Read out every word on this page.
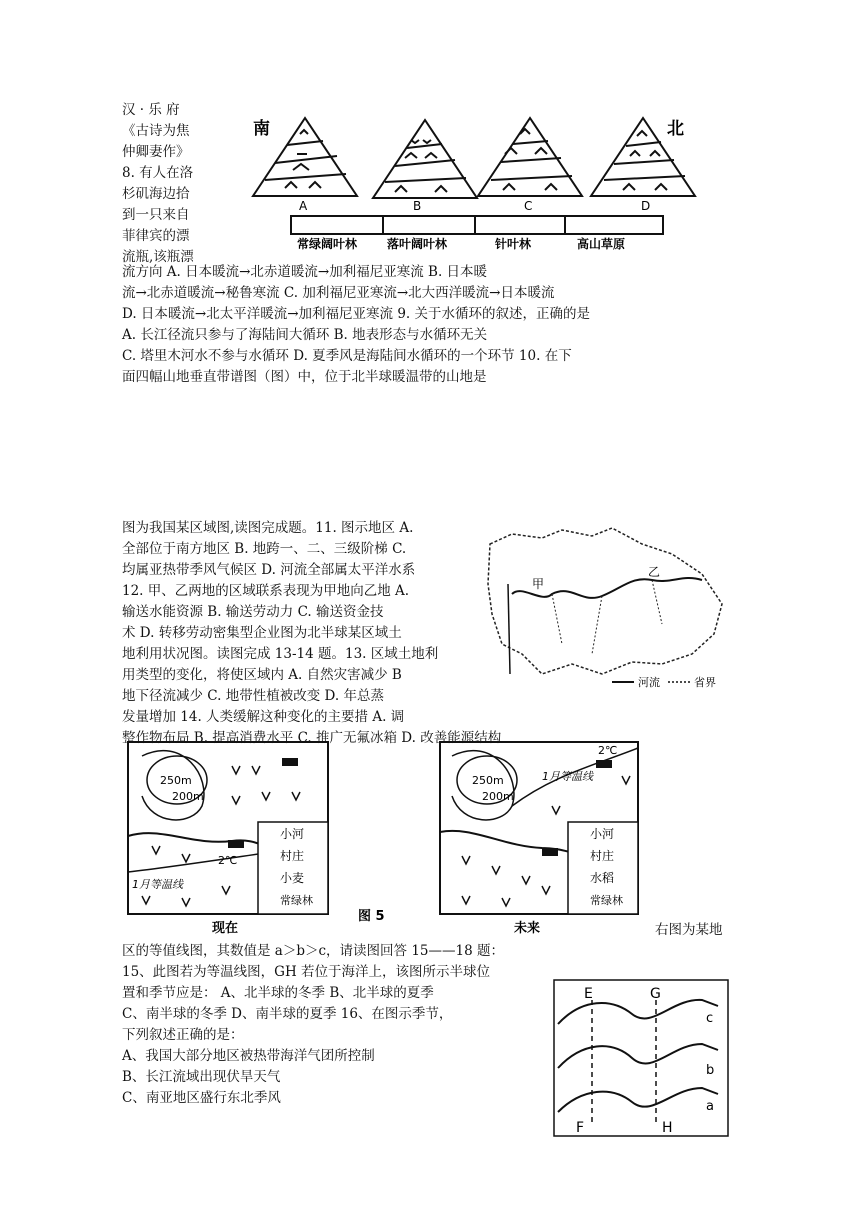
汉 · 乐 府
《古诗为焦
仲卿妻作》
8. 有人在洛
杉矶海边拾
到一只来自
菲律宾的漂
流瓶,该瓶漂
南	北
A	B	C	D
常绿阔叶林 落叶阔叶林	针叶林	高山草原
流方向 A. 日本暖流→北赤道暖流→加利福尼亚寒流 B. 日本暖
流→北赤道暖流→秘鲁寒流 C. 加利福尼亚寒流→北大西洋暖流→日本暖流
D. 日本暖流→北太平洋暖流→加利福尼亚寒流 9. 关于水循环的叙述，正确的是
A. 长江径流只参与了海陆间大循环 B. 地表形态与水循环无关
C. 塔里木河水不参与水循环 D. 夏季风是海陆间水循环的一个环节 10. 在下
面四幅山地垂直带谱图（图）中，位于北半球暖温带的山地是
甲
乙
河流	省界
图为我国某区域图,读图完成题。11. 图示地区 A.
全部位于南方地区 B. 地跨一、二、三级阶梯 C.
均属亚热带季风气候区 D. 河流全部属太平洋水系
12. 甲、乙两地的区域联系表现为甲地向乙地 A.
输送水能资源 B. 输送劳动力 C. 输送资金技
术 D. 转移劳动密集型企业图为北半球某区域土
地利用状况图。读图完成 13-14 题。13. 区域土地利
用类型的变化，将使区域内 A. 自然灾害减少 B
地下径流减少 C. 地带性植被改变 D. 年总蒸
发量增加 14. 人类缓解这种变化的主要措 A. 调
整作物布局 B. 提高消费水平 C. 推广无氟冰箱 D. 改善能源结构
250m
200m
2℃
1月等温线
小河
村庄
小麦
常绿林
现在
图 5
250m
200m
2℃
1月等温线
小河
村庄
水稻
常绿林
未来	右图为某地
区的等值线图，其数值是 a＞b＞c，请读图回答 15——18 题：
15、此图若为等温线图，GH 若位于海洋上，该图所示半球位
置和季节应是： A、北半球的冬季 B、北半球的夏季
C、南半球的冬季 D、南半球的夏季 16、在图示季节，
下列叙述正确的是：
A、我国大部分地区被热带海洋气团所控制
B、长江流域出现伏旱天气
C、南亚地区盛行东北季风
E	G
F	H
c
b
a
